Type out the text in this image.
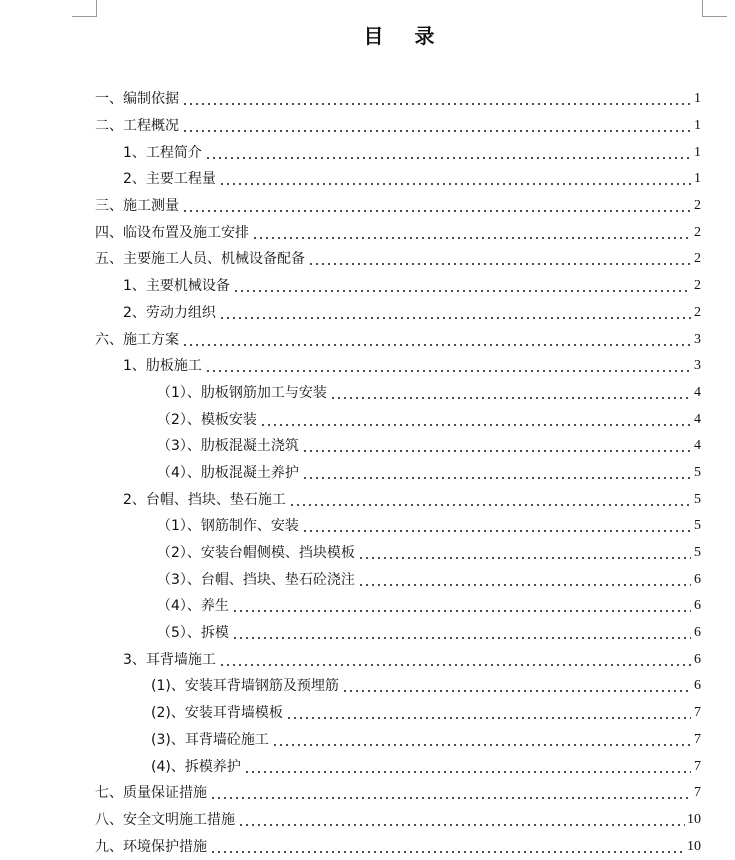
目 录
一、编制依据	1
二、工程概况	1
1、工程简介	1
2、主要工程量	1
三、施工测量	2
四、临设布置及施工安排	2
五、主要施工人员、机械设备配备	2
1、主要机械设备	2
2、劳动力组织	2
六、施工方案	3
1、肋板施工	3
（1）、肋板钢筋加工与安装	4
（2）、模板安装	4
（3）、肋板混凝土浇筑	4
（4）、肋板混凝土养护	5
2、台帽、挡块、垫石施工	5
（1）、钢筋制作、安装	5
（2）、安装台帽侧模、挡块模板	5
（3）、台帽、挡块、垫石砼浇注	6
（4）、养生	6
（5）、拆模	6
3、耳背墙施工	6
(1)、安装耳背墙钢筋及预埋筋	6
(2)、安装耳背墙模板	7
(3)、耳背墙砼施工	7
(4)、拆模养护	7
七、质量保证措施	7
八、安全文明施工措施	10
九、环境保护措施	10
